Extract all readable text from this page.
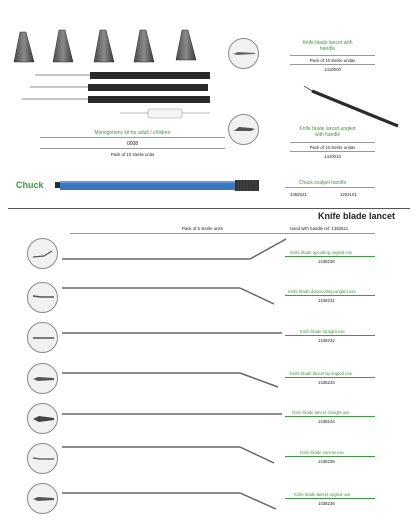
Myringotomy kit for adult / children
0008
Pack of 10 sterile units
Knife blade lancet with handle
Pack of 10 sterile unitas
1410000
Knife blade lancet angled with handle
Pack of 10 sterile unitas
1410010
Chuck	Chuck scalpel handle
1352521	1202101
Knife blade lancet
Pack of 5 sterile units	Used with handle ref. 1352521
Knife blade upcutting angled use
1438230
Knife blade downcutting angled use
1438231
Knife blade straight use
1438232
Knife blade lancet tip angled use
1438233
Knife blade lancet straight use
1438234
Knife blade narrow use
1438235
Knife blade lancet angled use
1438236
